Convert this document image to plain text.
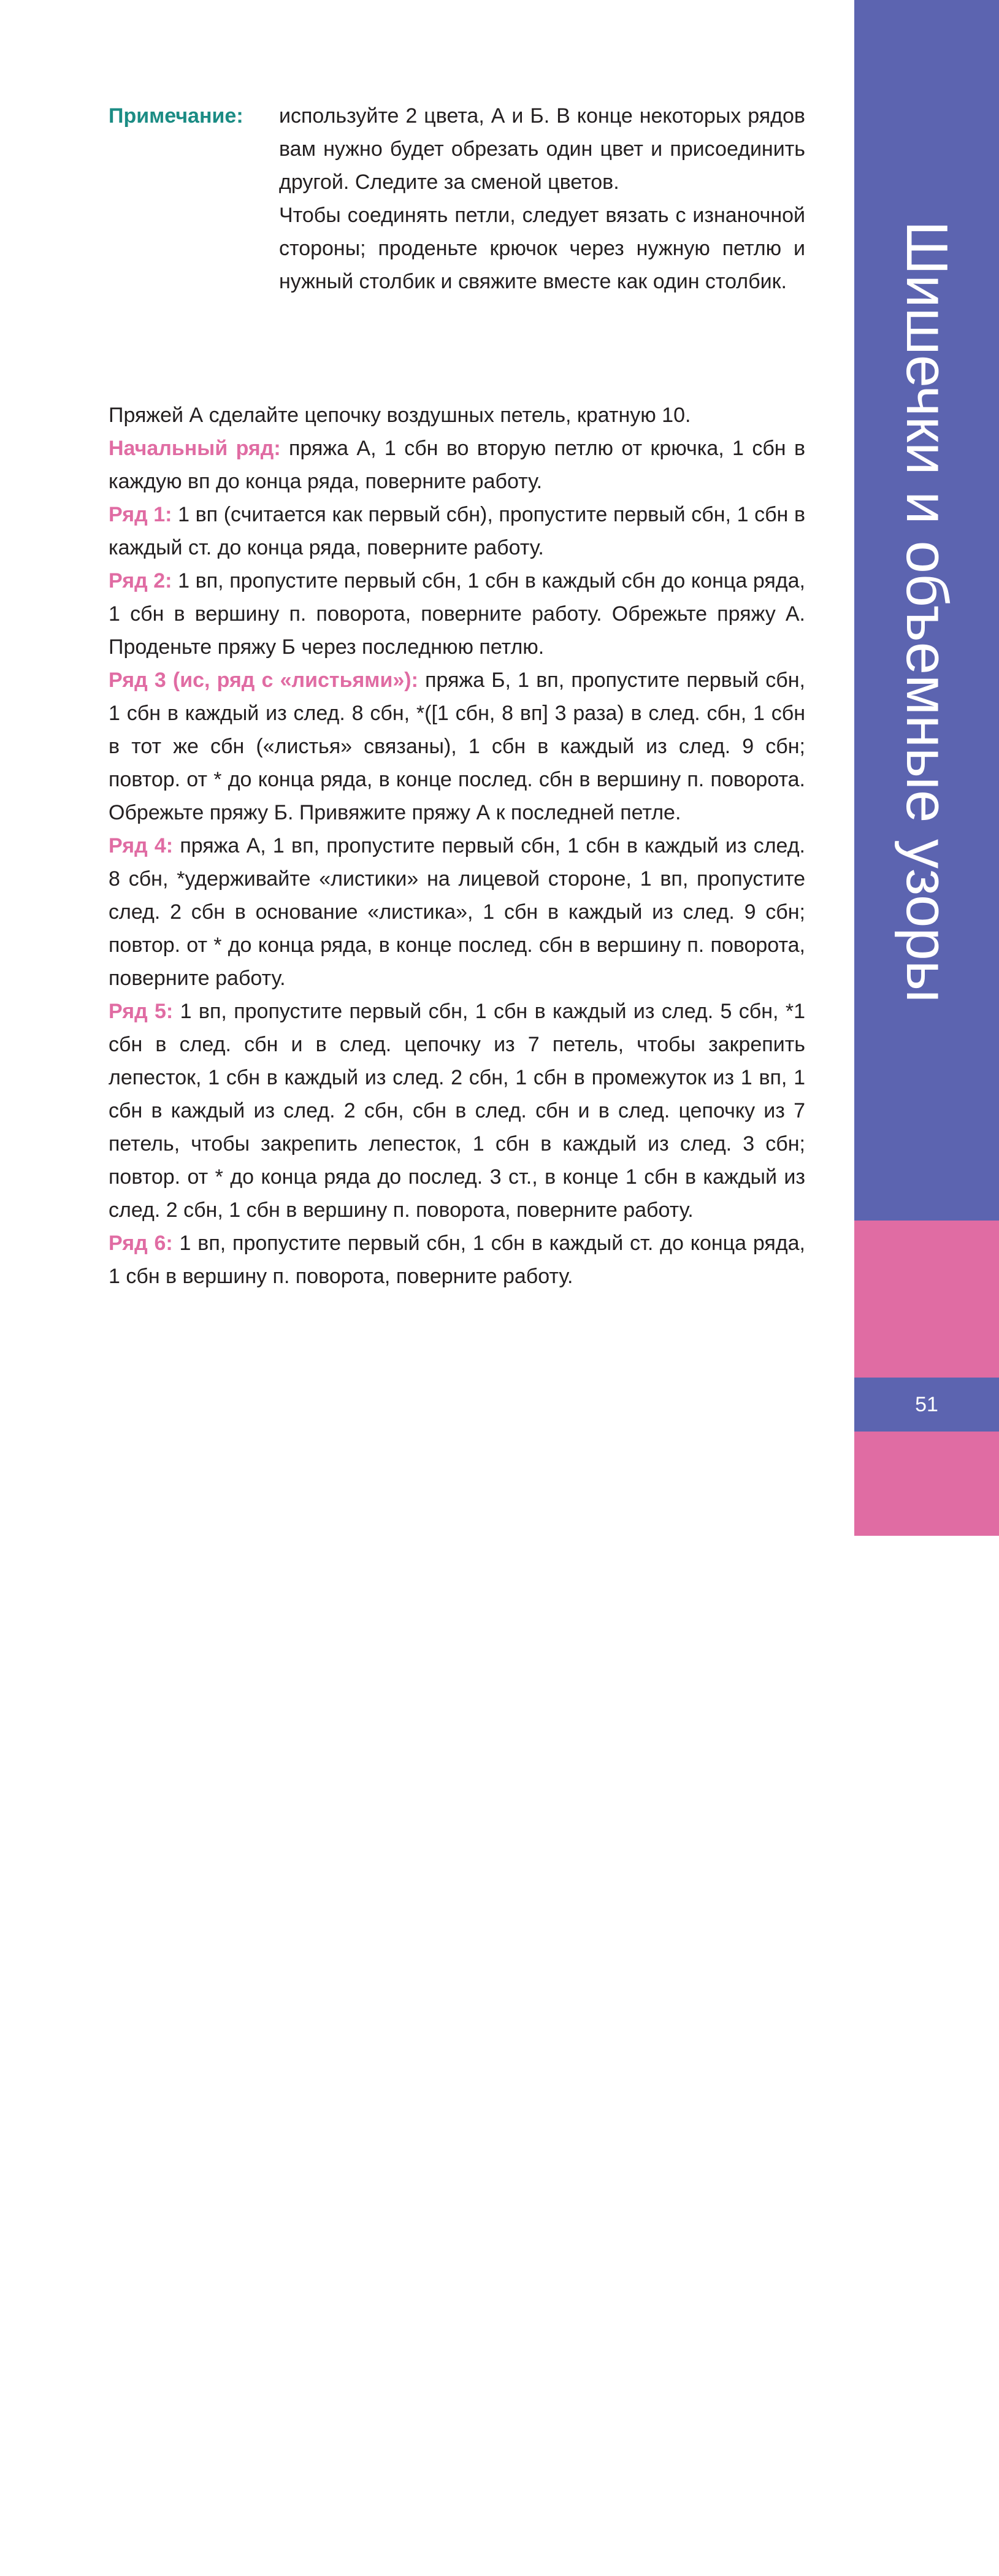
Примечание: используйте 2 цвета, А и Б. В конце некоторых рядов вам нужно будет обрезать один цвет и присоединить другой. Следите за сменой цветов.

Чтобы соединять петли, следует вязать с изнаночной стороны; проденьте крючок через нужную петлю и нужный столбик и свяжите вместе как один столбик.

Пряжей А сделайте цепочку воздушных петель, кратную 10.

Начальный ряд: пряжа А, 1 сбн во вторую петлю от крючка, 1 сбн в каждую вп до конца ряда, поверните работу.

Ряд 1: 1 вп (считается как первый сбн), пропустите первый сбн, 1 сбн в каждый ст. до конца ряда, поверните работу.

Ряд 2: 1 вп, пропустите первый сбн, 1 сбн в каждый сбн до конца ряда, 1 сбн в вершину п. поворота, поверните работу. Обрежьте пряжу А. Проденьте пряжу Б через последнюю петлю.

Ряд 3 (ис, ряд с «листьями»): пряжа Б, 1 вп, пропустите первый сбн, 1 сбн в каждый из след. 8 сбн, *([1 сбн, 8 вп] 3 раза) в след. сбн, 1 сбн в тот же сбн («листья» связаны), 1 сбн в каждый из след. 9 сбн; повтор. от * до конца ряда, в конце послед. сбн в вершину п. поворота. Обрежьте пряжу Б. Привяжите пряжу А к последней петле.

Ряд 4: пряжа А, 1 вп, пропустите первый сбн, 1 сбн в каждый из след. 8 сбн, *удерживайте «листики» на лицевой стороне, 1 вп, пропустите след. 2 сбн в основание «листика», 1 сбн в каждый из след. 9 сбн; повтор. от * до конца ряда, в конце послед. сбн в вершину п. поворота, поверните работу.

Ряд 5: 1 вп, пропустите первый сбн, 1 сбн в каждый из след. 5 сбн, *1 сбн в след. сбн и в след. цепочку из 7 петель, чтобы закрепить лепесток, 1 сбн в каждый из след. 2 сбн, 1 сбн в промежуток из 1 вп, 1 сбн в каждый из след. 2 сбн, сбн в след. сбн и в след. цепочку из 7 петель, чтобы закрепить лепесток, 1 сбн в каждый из след. 3 сбн; повтор. от * до конца ряда до послед. 3 ст., в конце 1 сбн в каждый из след. 2 сбн, 1 сбн в вершину п. поворота, поверните работу.

Ряд 6: 1 вп, пропустите первый сбн, 1 сбн в каждый ст. до конца ряда, 1 сбн в вершину п. поворота, поверните работу.

Шишечки и объемные узоры
51
